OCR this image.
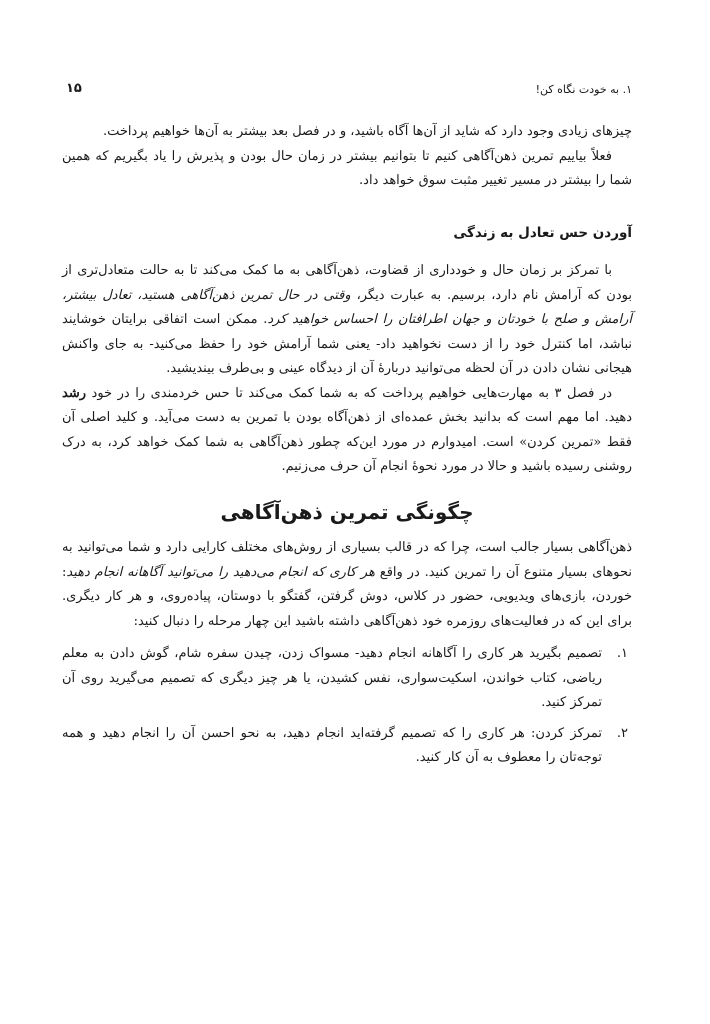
۱. به خودت نگاه کن!
۱۵

چیزهای زیادی وجود دارد که شاید از آن‌ها آگاه باشید، و در فصل بعد بیشتر به آن‌ها خواهیم پرداخت.

فعلاً بیاییم تمرین ذهن‌آگاهی کنیم تا بتوانیم بیشتر در زمان حال بودن و پذیرش را یاد بگیریم که همین شما را بیشتر در مسیر تغییر مثبت سوق خواهد داد.

آوردن حس تعادل به زندگی

با تمرکز بر زمان حال و خودداری از قضاوت، ذهن‌آگاهی به ما کمک می‌کند تا به حالت متعادل‌تری از بودن که آرامش نام دارد، برسیم. به عبارت دیگر، وقتی در حال تمرین ذهن‌آگاهی هستید، تعادل بیشتر، آرامش و صلح با خودتان و جهان اطرافتان را احساس خواهید کرد. ممکن است اتفاقی برایتان خوشایند نباشد، اما کنترل خود را از دست نخواهید داد- یعنی شما آرامش خود را حفظ می‌کنید- به جای واکنش هیجانی نشان دادن در آن لحظه می‌توانید دربارهٔ آن از دیدگاه عینی و بی‌طرف بیندیشید.

در فصل ۳ به مهارت‌هایی خواهیم پرداخت که به شما کمک می‌کند تا حس خردمندی را در خود رشد دهید. اما مهم است که بدانید بخش عمده‌ای از ذهن‌آگاه بودن با تمرین به دست می‌آید. و کلید اصلی آن فقط «تمرین کردن» است. امیدوارم در مورد این‌که چطور ذهن‌آگاهی به شما کمک خواهد کرد، به درک روشنی رسیده باشید و حالا در مورد نحوهٔ انجام آن حرف می‌زنیم.

چگونگی تمرین ذهن‌آگاهی

ذهن‌آگاهی بسیار جالب است، چرا که در قالب بسیاری از روش‌های مختلف کارایی دارد و شما می‌توانید به نحوهای بسیار متنوع آن را تمرین کنید. در واقع هر کاری که انجام می‌دهید را می‌توانید آگاهانه انجام دهید: خوردن، بازی‌های ویدیویی، حضور در کلاس، دوش گرفتن، گفتگو با دوستان، پیاده‌روی، و هر کار دیگری. برای این که در فعالیت‌های روزمره خود ذهن‌آگاهی داشته باشید این چهار مرحله را دنبال کنید:

۱.
تصمیم بگیرید هر کاری را آگاهانه انجام دهید- مسواک زدن، چیدن سفره شام، گوش دادن به معلم ریاضی، کتاب خواندن، اسکیت‌سواری، نفس کشیدن، یا هر چیز دیگری که تصمیم می‌گیرید روی آن تمرکز کنید.
۲.
تمرکز کردن: هر کاری را که تصمیم گرفته‌اید انجام دهید، به نحو احسن آن را انجام دهید و همه توجه‌تان را معطوف به آن کار کنید.
